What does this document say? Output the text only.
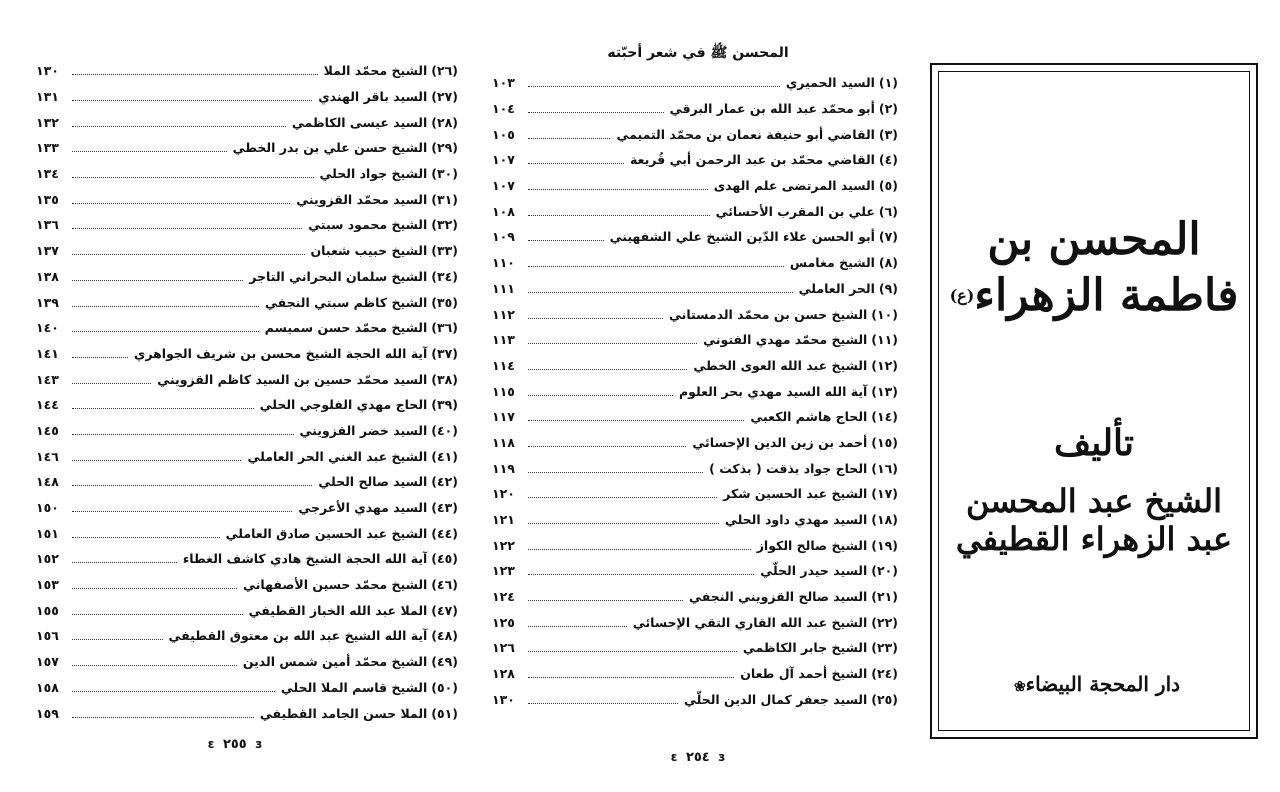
(٢٦)
الشيخ محمّد الملا
١٣٠
(٢٧)
السيد باقر الهندي
١٣١
(٢٨)
السيد عيسى الكاظمي
١٣٢
(٢٩)
الشيخ حسن علي بن بدر الخطي
١٣٣
(٣٠)
الشيخ جواد الحلي
١٣٤
(٣١)
السيد محمّد القزويني
١٣٥
(٣٢)
الشيخ محمود سبتي
١٣٦
(٣٣)
الشيخ حبيب شعبان
١٣٧
(٣٤)
الشيخ سلمان البحراني التاجر
١٣٨
(٣٥)
الشيخ كاظم سبتي النجفي
١٣٩
(٣٦)
الشيخ محمّد حسن سميسم
١٤٠
(٣٧)
آية الله الحجة الشيخ محسن بن شريف الجواهري
١٤١
(٣٨)
السيد محمّد حسين بن السيد كاظم القزويني
١٤٣
(٣٩)
الحاج مهدي الفلوجي الحلي
١٤٤
(٤٠)
السيد خضر القزويني
١٤٥
(٤١)
الشيخ عبد الغني الحر العاملي
١٤٦
(٤٢)
السيد صالح الحلي
١٤٨
(٤٣)
السيد مهدي الأعرجي
١٥٠
(٤٤)
الشيخ عبد الحسين صادق العاملي
١٥١
(٤٥)
آية الله الحجة الشيخ هادي كاشف الغطاء
١٥٢
(٤٦)
الشيخ محمّد حسين الأصفهاني
١٥٣
(٤٧)
الملا عبد الله الخباز القطيفي
١٥٥
(٤٨)
آية الله الشيخ عبد الله بن معتوق القطيفي
١٥٦
(٤٩)
الشيخ محمّد أمين شمس الدين
١٥٧
(٥٠)
الشيخ قاسم الملا الحلي
١٥٨
(٥١)
الملا حسن الجامد القطيفي
١٥٩
з ٢٥٥ ε
المحسن ﷺ في شعر أحبّته
(١)
السيد الحميري
١٠٣
(٢)
أبو محمّد عبد الله بن عمار البرقي
١٠٤
(٣)
القاضي أبو حنيفة نعمان بن محمّد التميمي
١٠٥
(٤)
القاضي محمّد بن عبد الرحمن أبي قُريعة
١٠٧
(٥)
السيد المرتضى علم الهدى
١٠٧
(٦)
علي بن المقرب الأحسائي
١٠٨
(٧)
أبو الحسن علاء الدّين الشيخ علي الشفهيني
١٠٩
(٨)
الشيخ مغامس
١١٠
(٩)
الحر العاملي
١١١
(١٠)
الشيخ حسن بن محمّد الدمستاني
١١٢
(١١)
الشيخ محمّد مهدي الفتوني
١١٣
(١٢)
الشيخ عبد الله العوى الخطي
١١٤
(١٣)
آية الله السيد مهدي بحر العلوم
١١٥
(١٤)
الحاج هاشم الكعبي
١١٧
(١٥)
أحمد بن زين الدين الإحسائي
١١٨
(١٦)
الحاج جواد بذقت ( بذكت )
١١٩
(١٧)
الشيخ عبد الحسين شكر
١٢٠
(١٨)
السيد مهدي داود الحلي
١٢١
(١٩)
الشيخ صالح الكواز
١٢٢
(٢٠)
السيد حيدر الحلّي
١٢٣
(٢١)
السيد صالح القزويني النجفي
١٢٤
(٢٢)
الشيخ عبد الله القاري التقي الإحسائي
١٢٥
(٢٣)
الشيخ جابر الكاظمي
١٢٦
(٢٤)
الشيخ أحمد آل طعان
١٢٨
(٢٥)
السيد جعفر كمال الدين الحلّي
١٣٠
з ٢٥٤ ε
المحسن بن فاطمة الزهراء$^{(ع)}$
تأليف
الشيخ عبد المحسن عبد الزهراء القطيفي
دار المحجة البيضاء❀
